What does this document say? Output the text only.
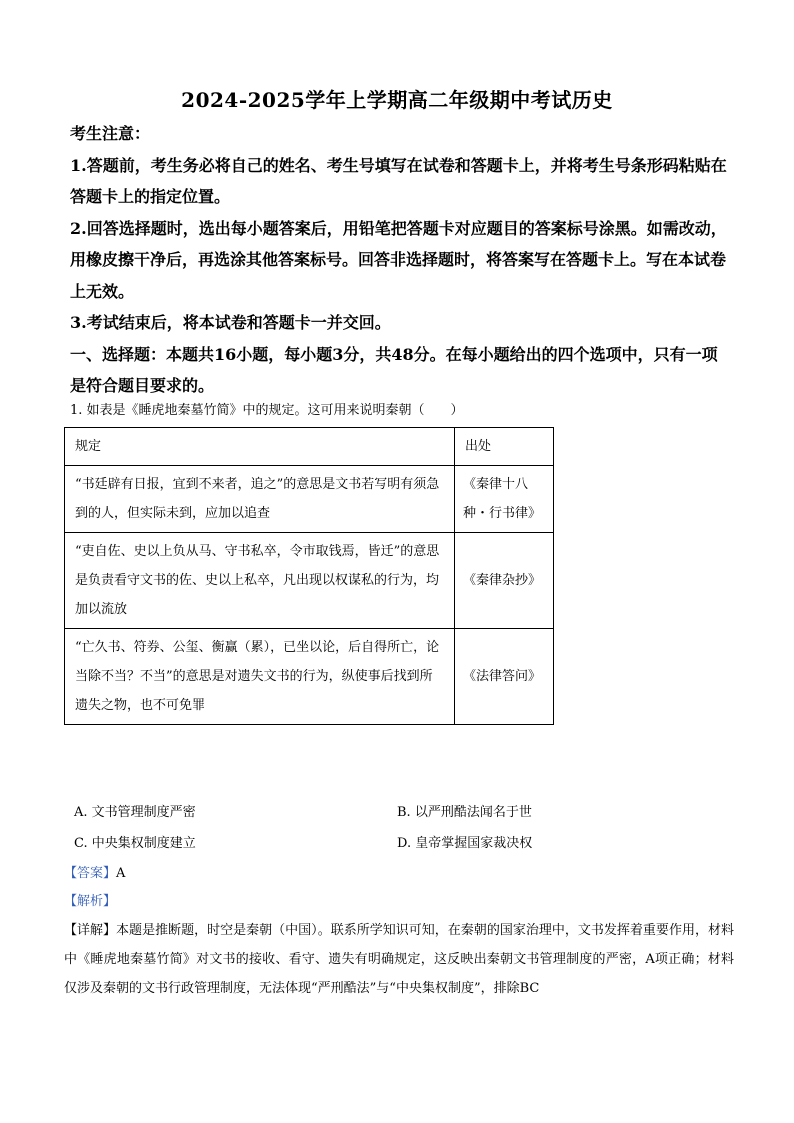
2024-2025学年上学期高二年级期中考试历史

考生注意：

1.答题前，考生务必将自己的姓名、考生号填写在试卷和答题卡上，并将考生号条形码粘贴在答题卡上的指定位置。

2.回答选择题时，选出每小题答案后，用铅笔把答题卡对应题目的答案标号涂黑。如需改动，用橡皮擦干净后，再选涂其他答案标号。回答非选择题时，将答案写在答题卡上。写在本试卷上无效。

3.考试结束后，将本试卷和答题卡一并交回。

一、选择题：本题共16小题，每小题3分，共48分。在每小题给出的四个选项中，只有一项是符合题目要求的。

1. 如表是《睡虎地秦墓竹简》中的规定。这可用来说明秦朝（　　）
规定	出处
“书廷辟有日报，宜到不来者，追之”的意思是文书若写明有须急到的人，但实际未到，应加以追查	《秦律十八种・行书律》
“吏自佐、史以上负从马、守书私卒，令市取钱焉，皆迁”的意思是负责看守文书的佐、史以上私卒，凡出现以权谋私的行为，均加以流放	《秦律杂抄》
“亡久书、符券、公玺、衡赢（累），已坐以论，后自得所亡，论当除不当？不当”的意思是对遗失文书的行为，纵使事后找到所遗失之物，也不可免罪	《法律答问》
A. 文书管理制度严密	B. 以严刑酷法闻名于世
C. 中央集权制度建立	D. 皇帝掌握国家裁决权
【答案】A
【解析】

【详解】本题是推断题，时空是秦朝（中国）。联系所学知识可知，在秦朝的国家治理中，文书发挥着重要作用，材料中《睡虎地秦墓竹简》对文书的接收、看守、遗失有明确规定，这反映出秦朝文书管理制度的严密，A项正确；材料仅涉及秦朝的文书行政管理制度，无法体现“严刑酷法”与“中央集权制度”，排除BC
